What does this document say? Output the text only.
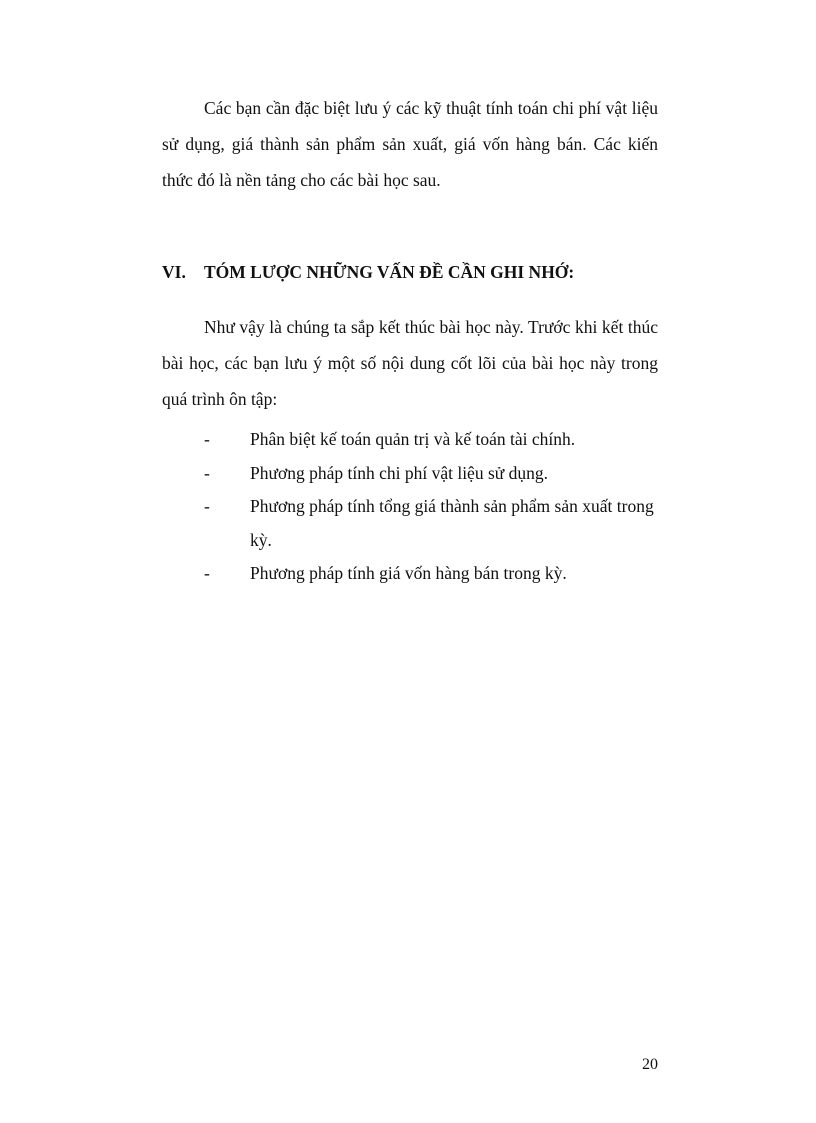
Các bạn cần đặc biệt lưu ý các kỹ thuật tính toán chi phí vật liệu sử dụng, giá thành sản phẩm sản xuất, giá vốn hàng bán. Các kiến thức đó là nền tảng cho các bài học sau.

VI. TÓM LƯỢC NHỮNG VẤN ĐỀ CẦN GHI NHỚ:

Như vậy là chúng ta sắp kết thúc bài học này. Trước khi kết thúc bài học, các bạn lưu ý một số nội dung cốt lõi của bài học này trong quá trình ôn tập:

- Phân biệt kế toán quản trị và kế toán tài chính.
- Phương pháp tính chi phí vật liệu sử dụng.
- Phương pháp tính tổng giá thành sản phẩm sản xuất trong kỳ.
- Phương pháp tính giá vốn hàng bán trong kỳ.
20
